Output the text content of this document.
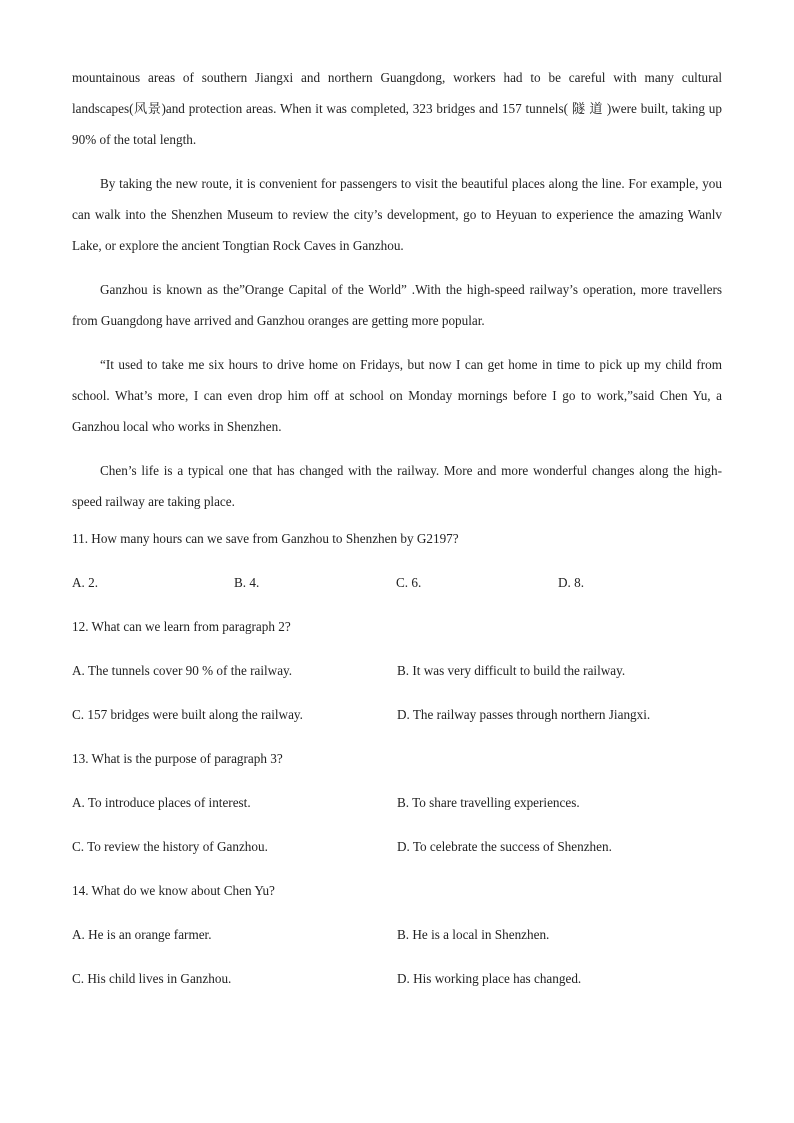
mountainous areas of southern Jiangxi and northern Guangdong, workers had to be careful with many cultural landscapes(风景)and protection areas. When it was completed, 323 bridges and 157 tunnels( 隧 道 )were built, taking up 90% of the total length.

By taking the new route, it is convenient for passengers to visit the beautiful places along the line. For example, you can walk into the Shenzhen Museum to review the city’s development, go to Heyuan to experience the amazing Wanlv Lake, or explore the ancient Tongtian Rock Caves in Ganzhou.

Ganzhou is known as the”Orange Capital of the World” .With the high-speed railway’s operation, more travellers from Guangdong have arrived and Ganzhou oranges are getting more popular.

“It used to take me six hours to drive home on Fridays, but now I can get home in time to pick up my child from school. What’s more, I can even drop him off at school on Monday mornings before I go to work,”said Chen Yu, a Ganzhou local who works in Shenzhen.

Chen’s life is a typical one that has changed with the railway. More and more wonderful changes along the high-speed railway are taking place.

11. How many hours can we save from Ganzhou to Shenzhen by G2197?

A. 2.	B. 4.	C. 6.	D. 8.

12. What can we learn from paragraph 2?

A. The tunnels cover 90 % of the railway.	B. It was very difficult to build the railway.
C. 157 bridges were built along the railway.	D. The railway passes through northern Jiangxi.

13. What is the purpose of paragraph 3?

A. To introduce places of interest.	B. To share travelling experiences.
C. To review the history of Ganzhou.	D. To celebrate the success of Shenzhen.

14. What do we know about Chen Yu?

A. He is an orange farmer.	B. He is a local in Shenzhen.
C. His child lives in Ganzhou.	D. His working place has changed.
